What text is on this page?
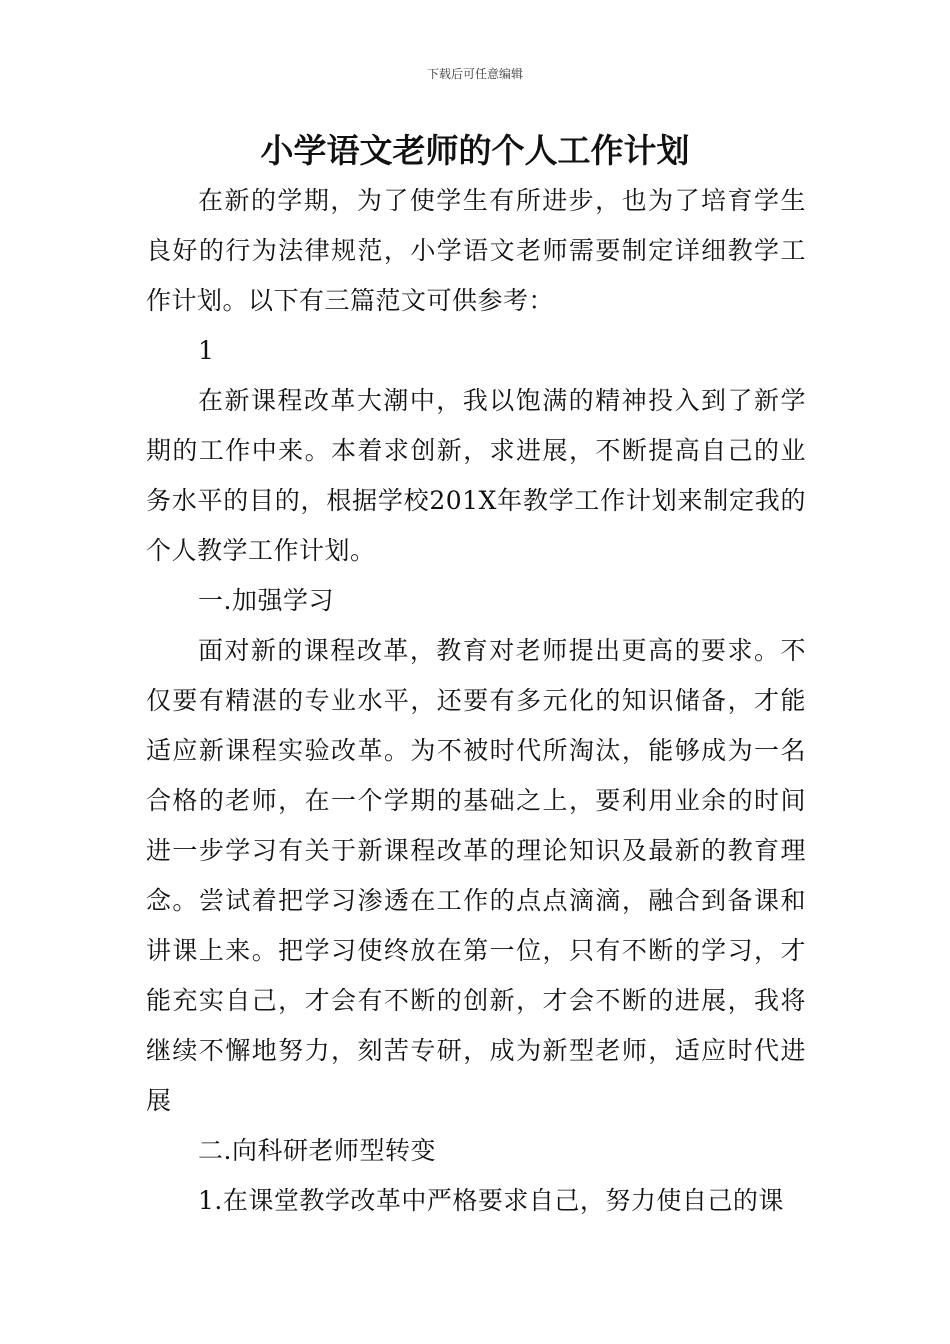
下载后可任意编辑
小学语文老师的个人工作计划

在新的学期，为了使学生有所进步，也为了培育学生良好的行为法律规范，小学语文老师需要制定详细教学工作计划。以下有三篇范文可供参考：

1

在新课程改革大潮中，我以饱满的精神投入到了新学期的工作中来。本着求创新，求进展，不断提高自己的业务水平的目的，根据学校201X年教学工作计划来制定我的个人教学工作计划。

一.加强学习

面对新的课程改革，教育对老师提出更高的要求。不仅要有精湛的专业水平，还要有多元化的知识储备，才能适应新课程实验改革。为不被时代所淘汰，能够成为一名合格的老师，在一个学期的基础之上，要利用业余的时间进一步学习有关于新课程改革的理论知识及最新的教育理念。尝试着把学习渗透在工作的点点滴滴，融合到备课和讲课上来。把学习使终放在第一位，只有不断的学习，才能充实自己，才会有不断的创新，才会不断的进展，我将继续不懈地努力，刻苦专研，成为新型老师，适应时代进展

二.向科研老师型转变

1.在课堂教学改革中严格要求自己，努力使自己的课
